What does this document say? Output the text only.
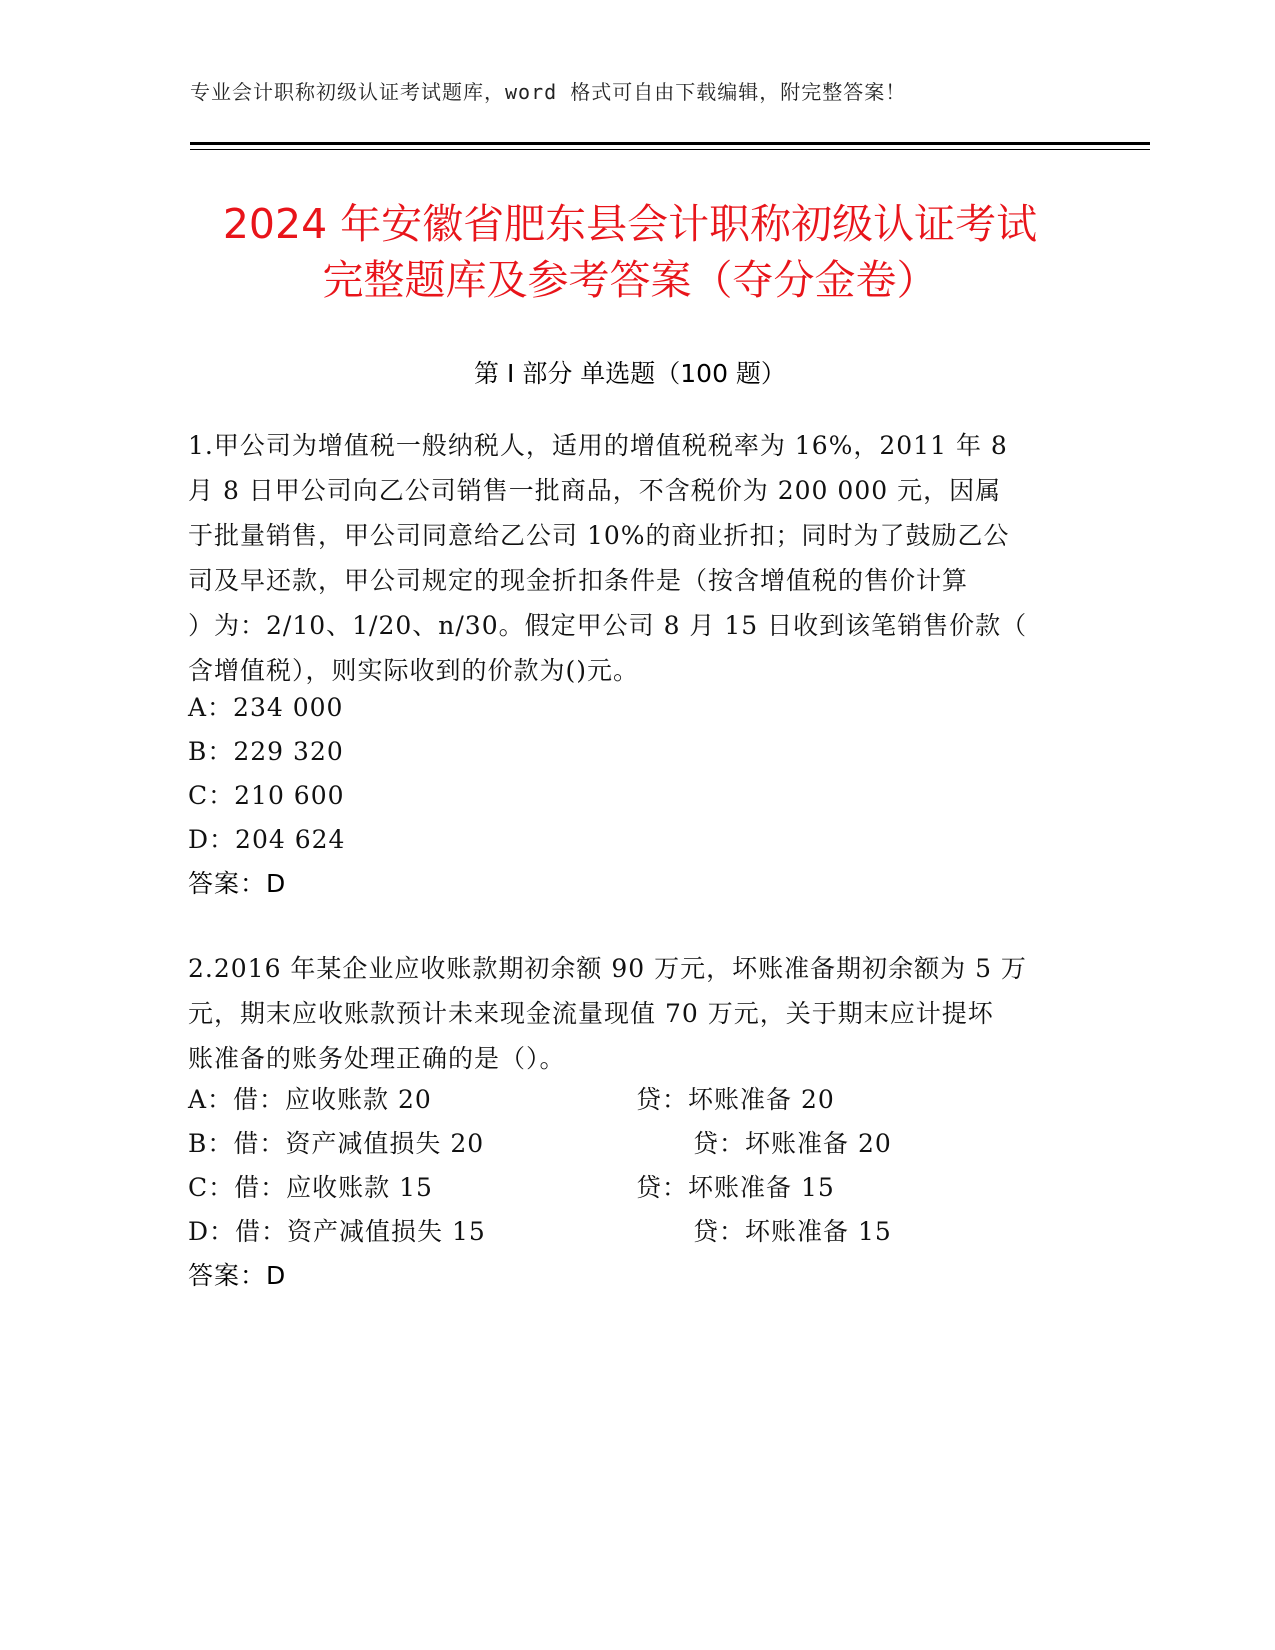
专业会计职称初级认证考试题库，word 格式可自由下载编辑，附完整答案！
2024 年安徽省肥东县会计职称初级认证考试
完整题库及参考答案（夺分金卷）
第 I 部分 单选题（100 题）
1.甲公司为增值税一般纳税人，适用的增值税税率为 16%，2011 年 8
月 8 日甲公司向乙公司销售一批商品，不含税价为 200 000 元，因属
于批量销售，甲公司同意给乙公司 10%的商业折扣；同时为了鼓励乙公
司及早还款，甲公司规定的现金折扣条件是（按含增值税的售价计算
）为：2/10、1/20、n/30。假定甲公司 8 月 15 日收到该笔销售价款（
含增值税），则实际收到的价款为()元。
A：234 000
B：229 320
C：210 600
D：204 624
答案：D
2.2016 年某企业应收账款期初余额 90 万元，坏账准备期初余额为 5 万
元，期末应收账款预计未来现金流量现值 70 万元，关于期末应计提坏
账准备的账务处理正确的是（）。
A：借：应收账款 20	贷：坏账准备 20
B：借：资产减值损失 20	贷：坏账准备 20
C：借：应收账款 15	贷：坏账准备 15
D：借：资产减值损失 15	贷：坏账准备 15
答案：D
